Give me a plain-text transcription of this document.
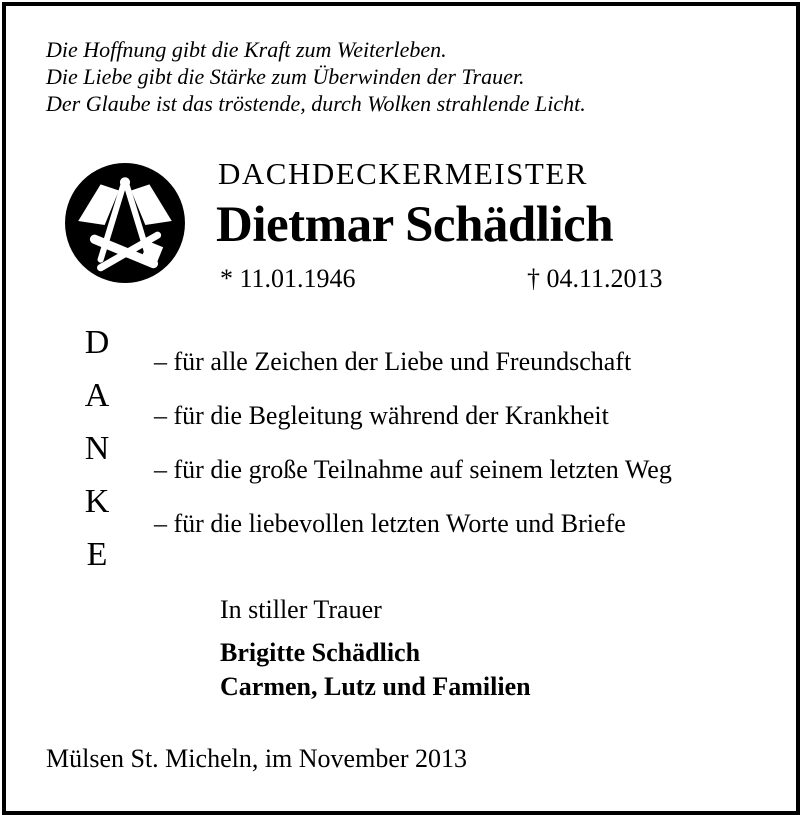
Die Hoffnung gibt die Kraft zum Weiterleben.
Die Liebe gibt die Stärke zum Überwinden der Trauer.
Der Glaube ist das tröstende, durch Wolken strahlende Licht.
DACHDECKERMEISTER
Dietmar Schädlich
* 11.01.1946	† 04.11.2013
D
A
N
K
E
– für alle Zeichen der Liebe und Freundschaft
– für die Begleitung während der Krankheit
– für die große Teilnahme auf seinem letzten Weg
– für die liebevollen letzten Worte und Briefe
In stiller Trauer
Brigitte Schädlich
Carmen, Lutz und Familien
Mülsen St. Micheln, im November 2013
